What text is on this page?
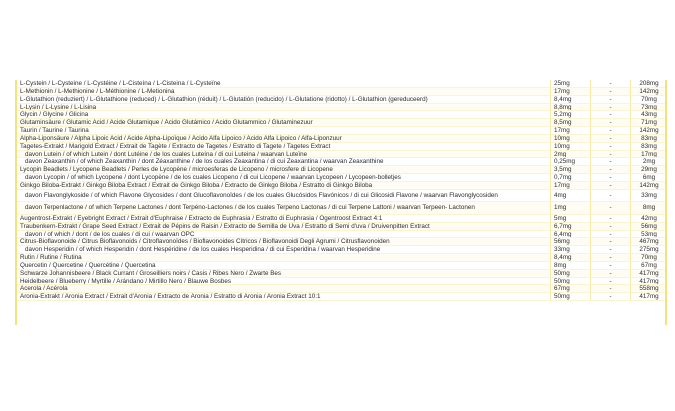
L-Cystein / L-Cysteine / L-Cystéine / L-Cisteína / L-Cisteina / L-Cysteïne	25mg	-	208mg
L-Methionin / L-Methionine / L-Méthionine / L-Metionina	17mg	-	142mg
L-Glutathion (reduziert) / L-Glutathione (reduced) / L-Glutathion (réduit) / L-Glutatión (reducido) / L-Glutatione (ridotto) / L-Glutathion (gereduceerd)	8,4mg	-	70mg
L-Lysin / L-Lysine / L-Lisina	8,8mg	-	73mg
Glycin / Glycine / Glicina	5,2mg	-	43mg
Glutaminsäure / Glutamic Acid / Acide Glutamique / Ácido Glutámico / Acido Glutammico / Glutaminezuur	8,5mg	-	71mg
Taurin / Taurine / Taurina	17mg	-	142mg
Alpha-Liponsäure / Alpha Lipoic Acid / Acide Alpha-Lipoïque / Ácido Alfa Lipoico / Acido Alfa Lipoico / Alfa-Liponzuur	10mg	-	83mg
Tagetes-Extrakt / Marigold Extract / Extrait de Tagète / Extracto de Tagetes / Estratto di Tagete / Tagetes Extract	10mg	-	83mg
davon Lutein / of which Lutein / dont Lutéine / de los cuales Luteína / di cui Luteina / waarvan Luteïne	2mg	-	17mg
davon Zeaxanthin / of which Zeaxanthin / dont Zéaxanthine / de los cuales Zeaxantina / di cui Zeaxantina / waarvan Zeaxanthine	0,25mg	-	2mg
Lycopin Beadlets / Lycopene Beadlets / Perles de Lycopène / microesferas de Licopeno / microsfere di Licopene	3,5mg	-	29mg
davon Lycopin / of which Lycopene / dont Lycopène / de los cuales Licopeno / di cui Licopene / waarvan Lycopeen / Lycopeen-bolletjes	0,7mg	-	6mg
Ginkgo Biloba-Extrakt / Ginkgo Biloba Extract / Extrait de Ginkgo Biloba / Extracto de Ginkgo Biloba / Estratto di Ginkgo Biloba	17mg	-	142mg
davon Flavonglykoside / of which Flavone Glycosides / dont Glucoflavonoïdes / de los cuales Glucósidos Flavónicos / di cui Glicosidi Flavone / waarvan Flavonglycosiden	4mg	-	33mg
davon Terpenlactone / of which Terpene Lactones / dont Terpéno-Lactones / de los cuales Terpeno Lactonas / di cui Terpene Lattoni / waarvan Terpeen- Lactonen	1mg	-	8mg
Augentrost-Extrakt / Eyebright Extract / Extrait d'Euphraise / Extracto de Euphrasia / Estratto di Euphrasia / Ogentroost Extract 4:1	5mg	-	42mg
Traubenkern-Extrakt / Grape Seed Extract / Extrait de Pépins de Raisin / Extracto de Semilla de Uva / Estratto di Semi d'uva / Druivenpitten Extract	6,7mg	-	56mg
davon / of which / dont / de los cuales / di cui / waarvan OPC	6,4mg	-	53mg
Citrus-Bioflavonoide / Citrus Bioflavonoids / Citroflavonoïdes / Bioflavonoides Cítricos / Bioflavonoidi Degli Agrumi / Citrusflavonoiden	56mg	-	467mg
davon Hesperidin / of which Hesperidin / dont Hespéridine / de los cuales Hesperidina / di cui Esperidina / waarvan Hesperidine	33mg	-	275mg
Rutin / Rutine / Rutina	8,4mg	-	70mg
Quercetin / Quercetine / Quercétine / Quercetina	8mg	-	67mg
Schwarze Johannisbeere / Black Currant / Groseilliers noirs / Casis / Ribes Nero / Zwarte Bes	50mg	-	417mg
Heidelbeere / Blueberry / Myrtille / Arándano / Mirtillo Nero / Blauwe Bosbes	50mg	-	417mg
Acerola / Acérola	67mg	-	558mg
Aronia-Extrakt / Aronia Extract / Extrait d'Aronia / Extracto de Aronia / Estratto di Aronia / Aronia Extract 10:1	50mg	-	417mg
